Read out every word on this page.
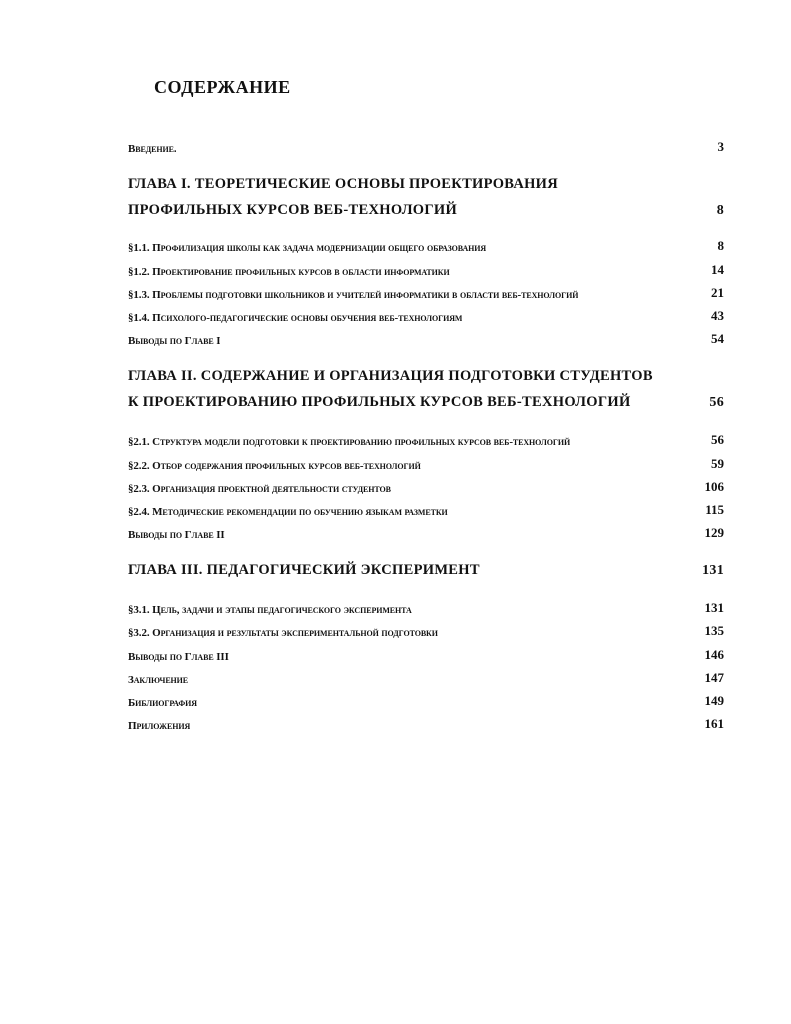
СОДЕРЖАНИЕ
Введение.	3
ГЛАВА I. ТЕОРЕТИЧЕСКИЕ ОСНОВЫ ПРОЕКТИРОВАНИЯ
ПРОФИЛЬНЫХ КУРСОВ ВЕБ-ТЕХНОЛОГИЙ	8
§1.1. Профилизация школы как задача модернизации общего образования	8
§1.2. Проектирование профильных курсов в области информатики	14
§1.3. Проблемы подготовки школьников и учителей информатики в области веб-технологий	21
§1.4. Психолого-педагогические основы обучения веб-технологиям	43
Выводы по Главе I	54
ГЛАВА II. СОДЕРЖАНИЕ И ОРГАНИЗАЦИЯ ПОДГОТОВКИ СТУДЕНТОВ
К ПРОЕКТИРОВАНИЮ ПРОФИЛЬНЫХ КУРСОВ ВЕБ-ТЕХНОЛОГИЙ	56
§2.1. Структура модели подготовки к проектированию профильных курсов веб-технологий	56
§2.2. Отбор содержания профильных курсов веб-технологий	59
§2.3. Организация проектной деятельности студентов	106
§2.4. Методические рекомендации по обучению языкам разметки	115
Выводы по Главе II	129
ГЛАВА III. ПЕДАГОГИЧЕСКИЙ ЭКСПЕРИМЕНТ	131
§3.1. Цель, задачи и этапы педагогического эксперимента	131
§3.2. Организация и результаты экспериментальной подготовки	135
Выводы по Главе III	146
Заключение	147
Библиография	149
Приложения	161
